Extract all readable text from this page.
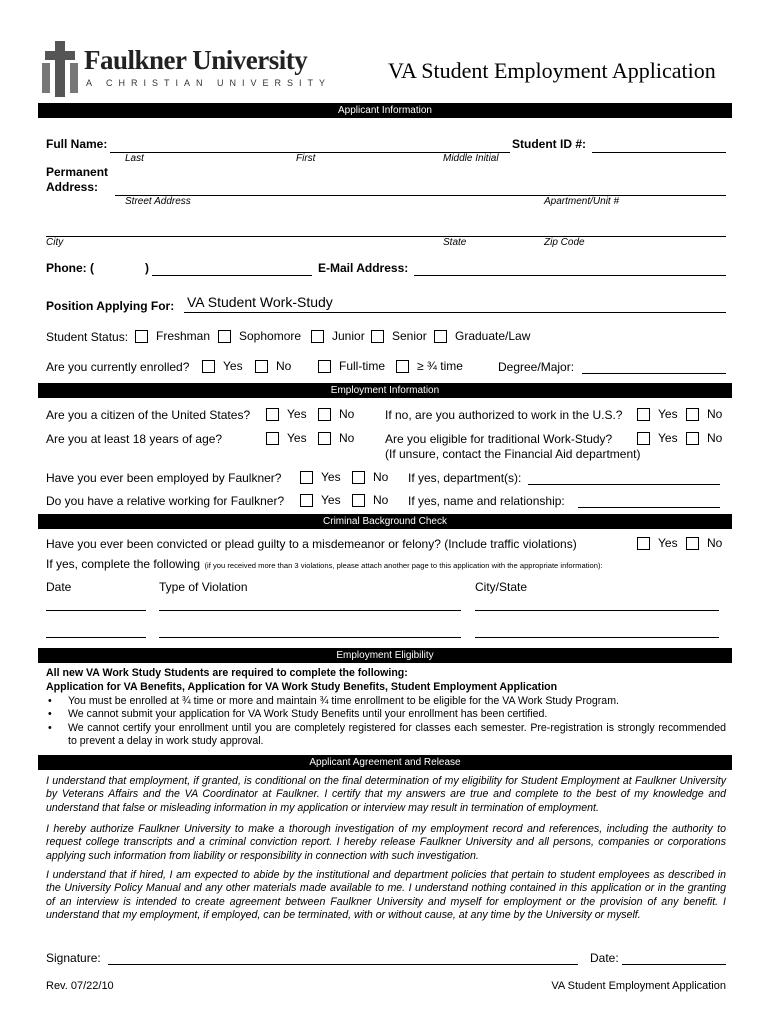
Faulkner University
A CHRISTIAN UNIVERSITY	VA Student Employment Application
Applicant Information
Full Name:	Student ID #:
Last	First	Middle Initial
Permanent
Address:
Street Address	Apartment/Unit #
City	State	Zip Code
Phone: (	)	E-Mail Address:
Position Applying For: VA Student Work-Study
Student Status: Freshman Sophomore	Junior Senior Graduate/Law
Are you currently enrolled?	Yes	No	Full-time	≥ ¾ time	Degree/Major:
Employment Information
Are you a citizen of the United States?	Yes	No	If no, are you authorized to work in the U.S.?	Yes No
Are you at least 18 years of age?	Yes	No	Are you eligible for traditional Work-Study?	Yes No
(If unsure, contact the Financial Aid department)
Have you ever been employed by Faulkner?	Yes	No If yes, department(s):
Do you have a relative working for Faulkner?	Yes	No If yes, name and relationship:
Criminal Background Check
Have you ever been convicted or plead guilty to a misdemeanor or felony? (Include traffic violations)	Yes No
If yes, complete the following (if you received more than 3 violations, please attach another page to this application with the appropriate information):
Date	Type of Violation	City/State
Employment Eligibility
All new VA Work Study Students are required to complete the following:
Application for VA Benefits, Application for VA Work Study Benefits, Student Employment Application
• You must be enrolled at ¾ time or more and maintain ¾ time enrollment to be eligible for the VA Work Study Program.
• We cannot submit your application for VA Work Study Benefits until your enrollment has been certified.
• We cannot certify your enrollment until you are completely registered for classes each semester. Pre-registration is strongly recommended to prevent a delay in work study approval.
Applicant Agreement and Release
I understand that employment, if granted, is conditional on the final determination of my eligibility for Student Employment at Faulkner University by Veterans Affairs and the VA Coordinator at Faulkner. I certify that my answers are true and complete to the best of my knowledge and understand that false or misleading information in my application or interview may result in termination of employment.
I hereby authorize Faulkner University to make a thorough investigation of my employment record and references, including the authority to request college transcripts and a criminal conviction report. I hereby release Faulkner University and all persons, companies or corporations applying such information from liability or responsibility in connection with such investigation.
I understand that if hired, I am expected to abide by the institutional and department policies that pertain to student employees as described in the University Policy Manual and any other materials made available to me. I understand nothing contained in this application or in the granting of an interview is intended to create agreement between Faulkner University and myself for employment or the provision of any benefit. I understand that my employment, if employed, can be terminated, with or without cause, at any time by the University or myself.
Signature:	Date:
Rev. 07/22/10	VA Student Employment Application
